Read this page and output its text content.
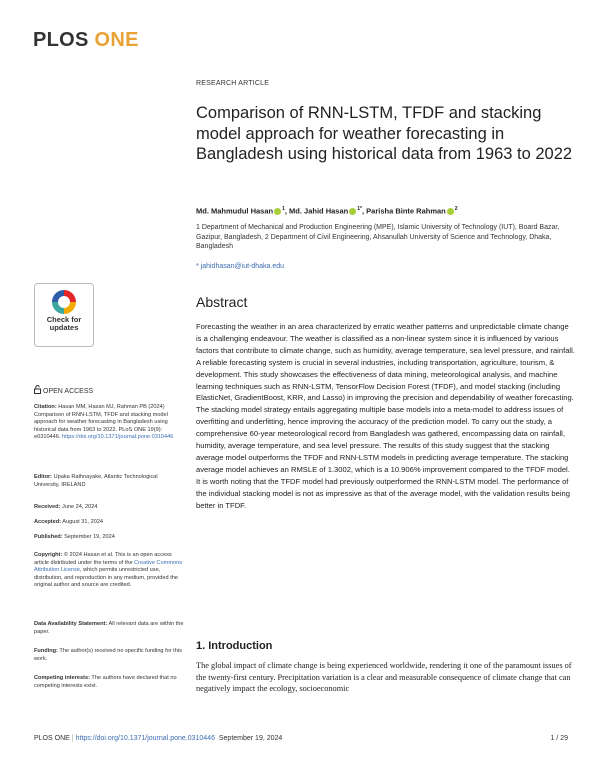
PLOS ONE
RESEARCH ARTICLE
Comparison of RNN-LSTM, TFDF and stacking model approach for weather forecasting in Bangladesh using historical data from 1963 to 2022
Md. Mahmudul Hasan $^1$, Md. Jahid Hasan $^{1*}$, Parisha Binte Rahman $^2$
1 Department of Mechanical and Production Engineering (MPE), Islamic University of Technology (IUT), Board Bazar, Gazipur, Bangladesh, 2 Department of Civil Engineering, Ahsanullah University of Science and Technology, Dhaka, Bangladesh
* jahidhasan@iut-dhaka.edu
Check for updates
OPEN ACCESS
Citation: Hasan MM, Hasan MJ, Rahman PB (2024) Comparison of RNN-LSTM, TFDF and stacking model approach for weather forecasting in Bangladesh using historical data from 1963 to 2022. PLoS ONE 19(9): e0310446. https://doi.org/10.1371/journal.pone.0310446
Editor: Upaka Rathnayake, Atlantic Technological University, IRELAND
Received: June 24, 2024
Accepted: August 31, 2024
Published: September 19, 2024
Copyright: © 2024 Hasan et al. This is an open access article distributed under the terms of the Creative Commons Attribution License, which permits unrestricted use, distribution, and reproduction in any medium, provided the original author and source are credited.
Data Availability Statement: All relevant data are within the paper.
Funding: The author(s) received no specific funding for this work.
Competing interests: The authors have declared that no competing interests exist.
Abstract
Forecasting the weather in an area characterized by erratic weather patterns and unpredictable climate change is a challenging endeavour. The weather is classified as a non-linear system since it is influenced by various factors that contribute to climate change, such as humidity, average temperature, sea level pressure, and rainfall. A reliable forecasting system is crucial in several industries, including transportation, agriculture, tourism, & development. This study showcases the effectiveness of data mining, meteorological analysis, and machine learning techniques such as RNN-LSTM, TensorFlow Decision Forest (TFDF), and model stacking (including ElasticNet, GradientBoost, KRR, and Lasso) in improving the precision and dependability of weather forecasting. The stacking model strategy entails aggregating multiple base models into a meta-model to address issues of overfitting and underfitting, hence improving the accuracy of the prediction model. To carry out the study, a comprehensive 60-year meteorological record from Bangladesh was gathered, encompassing data on rainfall, humidity, average temperature, and sea level pressure. The results of this study suggest that the stacking average model outperforms the TFDF and RNN-LSTM models in predicting average temperature. The stacking average model achieves an RMSLE of 1.3002, which is a 10.906% improvement compared to the TFDF model. It is worth noting that the TFDF model had previously outperformed the RNN-LSTM model. The performance of the individual stacking model is not as impressive as that of the average model, with the validation results being better in TFDF.
1. Introduction
The global impact of climate change is being experienced worldwide, rendering it one of the paramount issues of the twenty-first century. Precipitation variation is a clear and measurable consequence of climate change that can negatively impact the ecology, socioeconomic
PLOS ONE | https://doi.org/10.1371/journal.pone.0310446 September 19, 2024	1 / 29
